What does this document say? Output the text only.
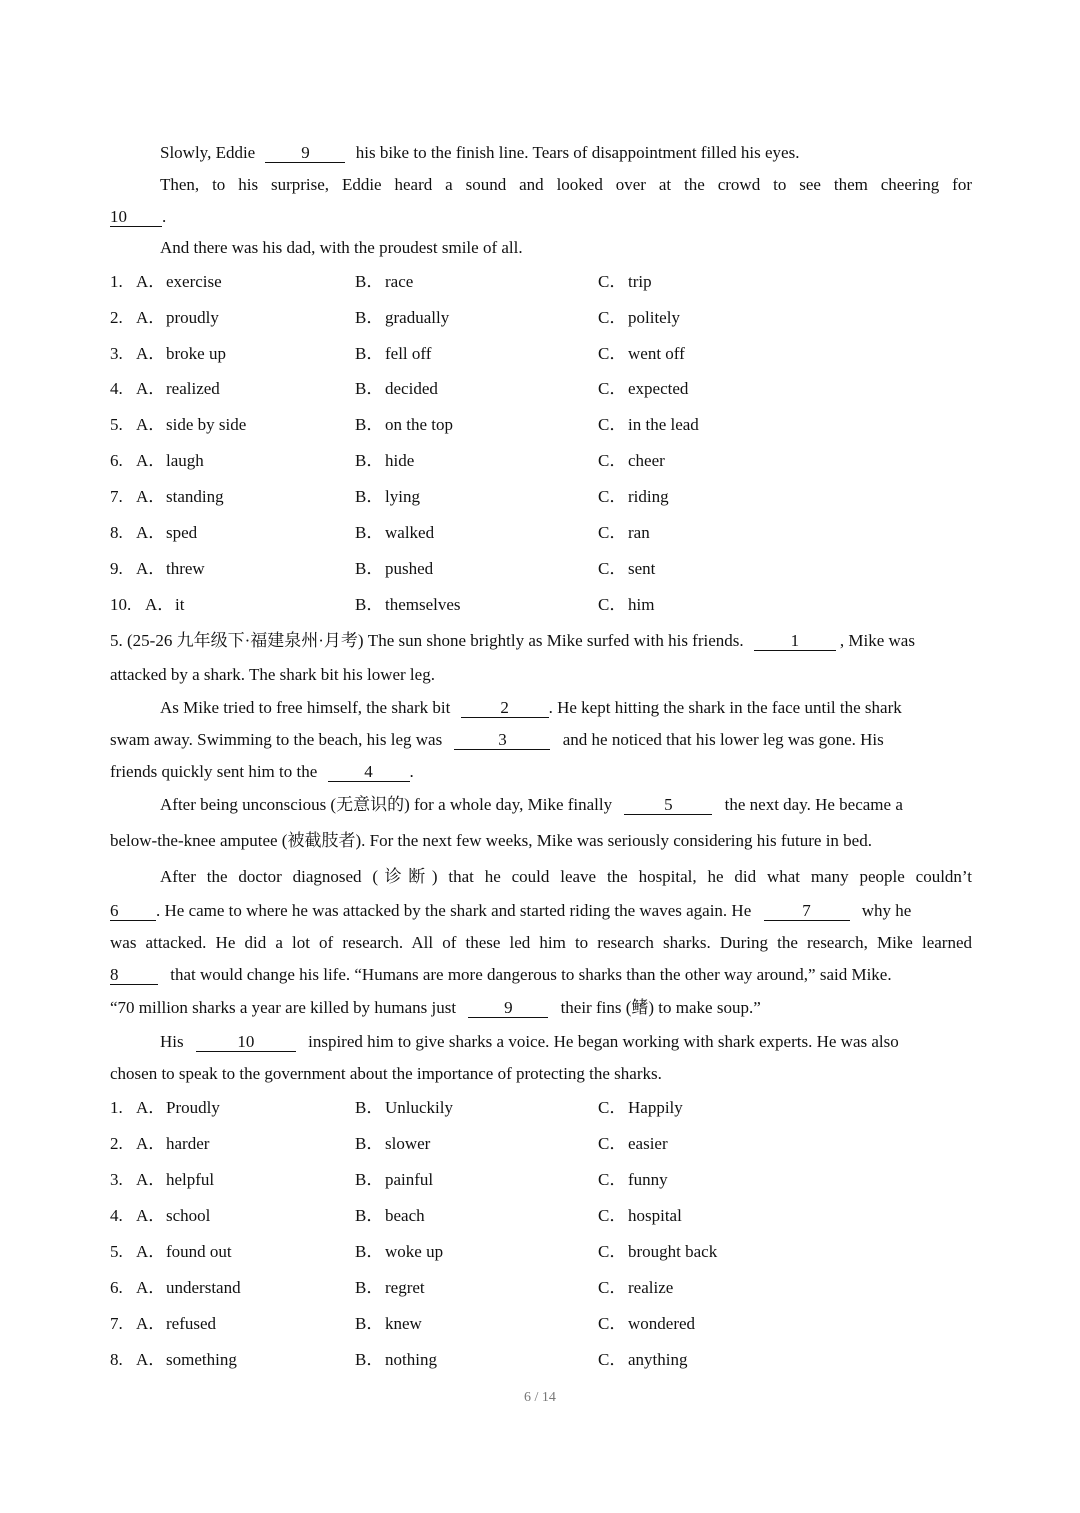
Slowly, Eddie	9	his bike to the finish line. Tears of disappointment filled his eyes.
Then, to his surprise, Eddie heard a sound and looked over at the crowd to see them cheering for
10 .
And there was his dad, with the proudest smile of all.
1. A．exercise	B．race	C．trip
2. A．proudly	B．gradually	C．politely
3. A．broke up	B．fell off	C．went off
4. A．realized	B．decided	C．expected
5. A．side by side	B．on the top	C．in the lead
6. A．laugh	B．hide	C．cheer
7. A．standing	B．lying	C．riding
8. A．sped	B．walked	C．ran
9. A．threw	B．pushed	C．sent
10. A．it	B．themselves	C．him
5. (25-26 九年级下·福建泉州·月考) The sun shone brightly as Mike surfed with his friends.	1 , Mike was
attacked by a shark. The shark bit his lower leg.
As Mike tried to free himself, the shark bit	2 . He kept hitting the shark in the face until the shark
swam away. Swimming to the beach, his leg was	3	and he noticed that his lower leg was gone. His
friends quickly sent him to the	4 .
After being unconscious (无意识的) for a whole day, Mike finally	5	the next day. He became a
below-the-knee amputee (被截肢者). For the next few weeks, Mike was seriously considering his future in bed.
After the doctor diagnosed (诊断) that he could leave the hospital, he did what many people couldn’t
6 . He came to where he was attacked by the shark and started riding the waves again. He	7	why he
was attacked. He did a lot of research. All of these led him to research sharks. During the research, Mike learned
8	that would change his life. “Humans are more dangerous to sharks than the other way around,” said Mike.
“70 million sharks a year are killed by humans just	9	their fins (鳍) to make soup.”
His	10	inspired him to give sharks a voice. He began working with shark experts. He was also
chosen to speak to the government about the importance of protecting the sharks.
1. A．Proudly	B．Unluckily	C．Happily
2. A．harder	B．slower	C．easier
3. A．helpful	B．painful	C．funny
4. A．school	B．beach	C．hospital
5. A．found out	B．woke up	C．brought back
6. A．understand	B．regret	C．realize
7. A．refused	B．knew	C．wondered
8. A．something	B．nothing	C．anything
6 / 14
